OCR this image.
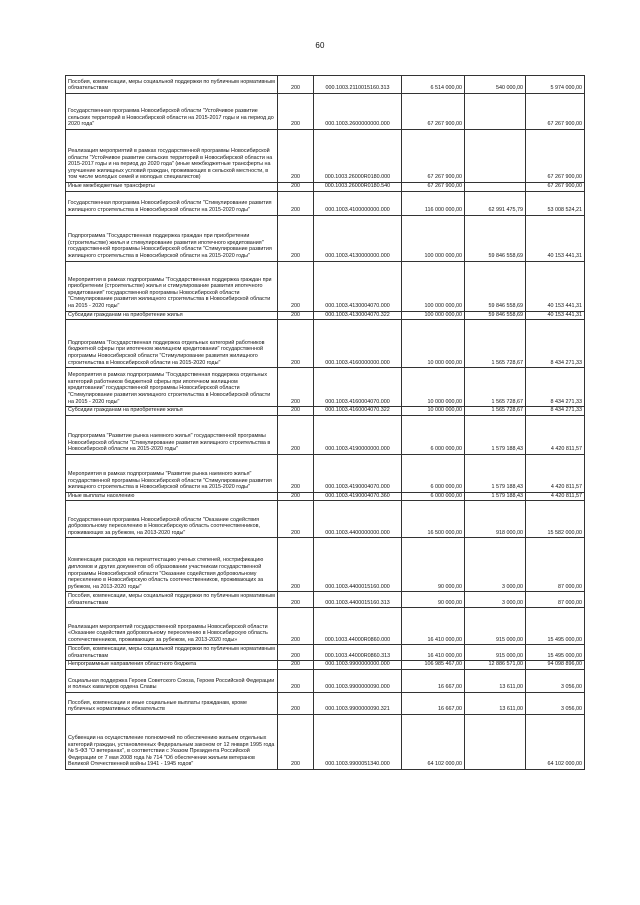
60
Пособия, компенсации, меры социальной поддержки по публичным нормативным обязательствам	200	000.1003.2110015160.313	6 514 000,00	540 000,00	5 974 000,00
Государственная программа Новосибирской области "Устойчивое развитие сельских территорий в Новосибирской области на 2015-2017 годы и на период до 2020 года"	200	000.1003.2600000000.000	67 267 900,00		67 267 900,00
Реализация мероприятий в рамках государственной программы Новосибирской области "Устойчивое развитие сельских территорий в Новосибирской области на 2015-2017 годы и на период до 2020 года" (иные межбюджетные трансферты на улучшение жилищных условий граждан, проживающих в сельской местности, в том числе молодых семей и молодых специалистов)	200	000.1003.26000R0180.000	67 267 900,00		67 267 900,00
Иные межбюджетные трансферты	200	000.1003.26000R0180.540	67 267 900,00		67 267 900,00
Государственная программа Новосибирской области "Стимулирование развития жилищного строительства в Новосибирской области на 2015-2020 годы"	200	000.1003.4100000000.000	116 000 000,00	62 991 475,79	53 008 524,21
Подпрограмма "Государственная поддержка граждан при приобретении (строительстве) жилья и стимулирование развития ипотечного кредитования" государственной программы Новосибирской области "Стимулирование развития жилищного строительства в Новосибирской области на 2015-2020 годы"	200	000.1003.4130000000.000	100 000 000,00	59 846 558,69	40 153 441,31
Мероприятия в рамках подпрограммы "Государственная поддержка граждан при приобретении (строительстве) жилья и стимулирование развития ипотечного кредитования" государственной программы Новосибирской области "Стимулирование развития жилищного строительства в Новосибирской области на 2015 - 2020 годы"	200	000.1003.4130004070.000	100 000 000,00	59 846 558,69	40 153 441,31
Субсидии гражданам на приобретение жилья	200	000.1003.4130004070.322	100 000 000,00	59 846 558,69	40 153 441,31
Подпрограмма "Государственная поддержка отдельных категорий работников бюджетной сферы при ипотечном жилищном кредитовании" государственной программы Новосибирской области "Стимулирование развития жилищного строительства в Новосибирской области на 2015-2020 годы"	200	000.1003.4160000000.000	10 000 000,00	1 565 728,67	8 434 271,33
Мероприятия в рамках подпрограммы "Государственная поддержка отдельных категорий работников бюджетной сферы при ипотечном жилищном кредитовании" государственной программы Новосибирской области "Стимулирование развития жилищного строительства в Новосибирской области на 2015 - 2020 годы"	200	000.1003.4160004070.000	10 000 000,00	1 565 728,67	8 434 271,33
Субсидии гражданам на приобретение жилья	200	000.1003.4160004070.322	10 000 000,00	1 565 728,67	8 434 271,33
Подпрограмма "Развитие рынка наемного жилья" государственной программы Новосибирской области "Стимулирование развития жилищного строительства в Новосибирской области на 2015-2020 годы"	200	000.1003.4190000000.000	6 000 000,00	1 579 188,43	4 420 811,57
Мероприятия в рамках подпрограммы "Развитие рынка наемного жилья" государственной программы Новосибирской области "Стимулирование развития жилищного строительства в Новосибирской области на 2015-2020 годы"	200	000.1003.4190004070.000	6 000 000,00	1 579 188,43	4 420 811,57
Иные выплаты населению	200	000.1003.4190004070.360	6 000 000,00	1 579 188,43	4 420 811,57
Государственная программа Новосибирской области "Оказание содействия добровольному переселению в Новосибирскую область соотечественников, проживающих за рубежом, на 2013-2020 годы"	200	000.1003.4400000000.000	16 500 000,00	918 000,00	15 582 000,00
Компенсация расходов на переаттестацию ученых степеней, нострификацию дипломов и других документов об образовании участникам государственной программы Новосибирской области "Оказание содействия добровольному переселению в Новосибирскую область соотечественников, проживающих за рубежом, на 2013-2020 годы"	200	000.1003.4400015160.000	90 000,00	3 000,00	87 000,00
Пособия, компенсации, меры социальной поддержки по публичным нормативным обязательствам	200	000.1003.4400015160.313	90 000,00	3 000,00	87 000,00
Реализация мероприятий государственной программы Новосибирской области «Оказание содействия добровольному переселению в Новосибирскую область соотечественников, проживающих за рубежом, на 2013-2020 годы»	200	000.1003.44000R0860.000	16 410 000,00	915 000,00	15 495 000,00
Пособия, компенсации, меры социальной поддержки по публичным нормативным обязательствам	200	000.1003.44000R0860.313	16 410 000,00	915 000,00	15 495 000,00
Непрограммные направления областного бюджета	200	000.1003.9900000000.000	106 985 467,00	12 886 571,00	94 098 896,00
Социальная поддержка Героев Советского Союза, Героев Российской Федерации и полных кавалеров ордена Славы	200	000.1003.9900000090.000	16 667,00	13 611,00	3 056,00
Пособия, компенсации и иные социальные выплаты гражданам, кроме публичных нормативных обязательств	200	000.1003.9900000090.321	16 667,00	13 611,00	3 056,00
Субвенции на осуществление полномочий по обеспечению жильем отдельных категорий граждан, установленных Федеральным законом от 12 января 1995 года № 5-ФЗ "О ветеранах", в соответствии с Указом Президента Российской Федерации от 7 мая 2008 года № 714 "Об обеспечении жильем ветеранов Великой Отечественной войны 1941 - 1945 годов"	200	000.1003.9900051340.000	64 102 000,00		64 102 000,00
